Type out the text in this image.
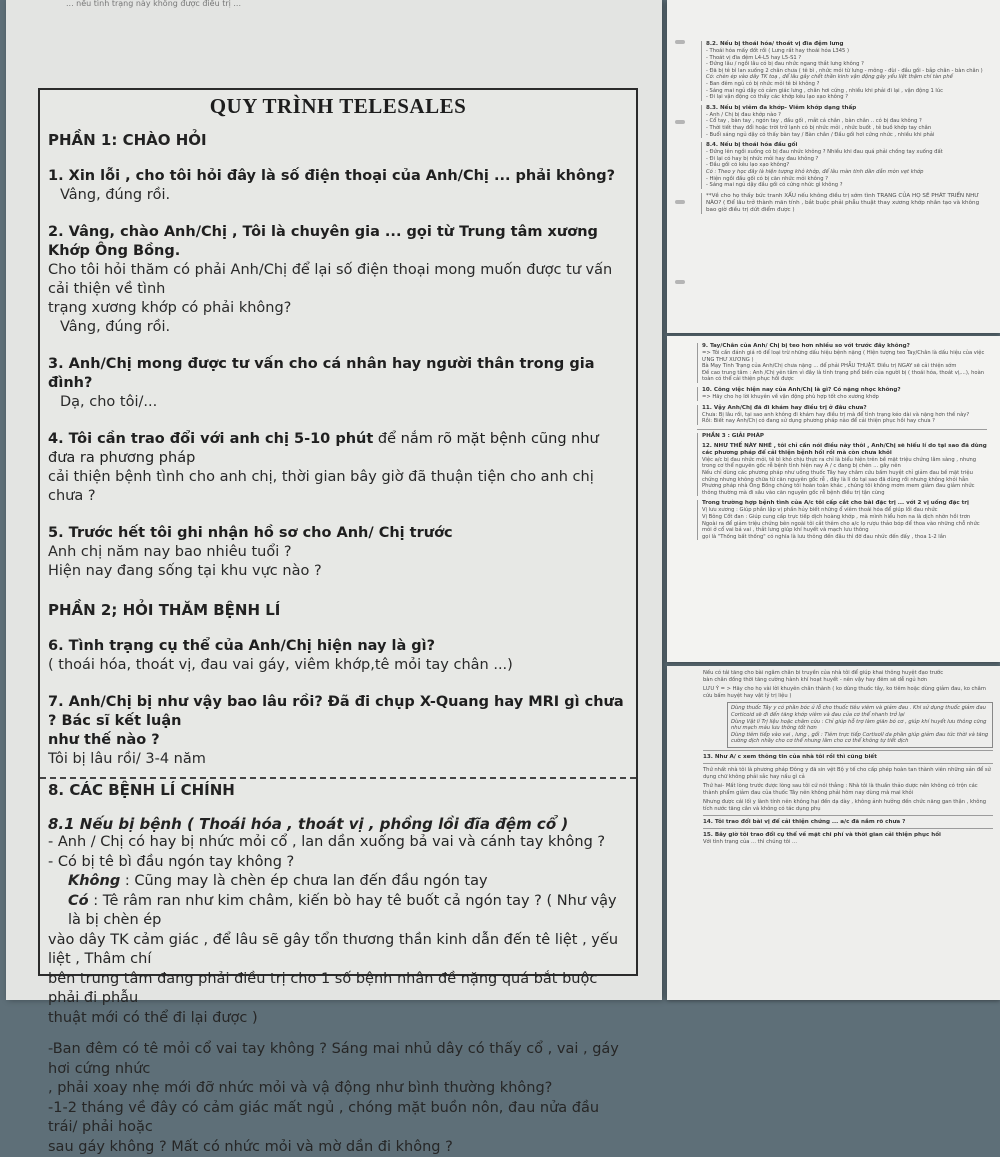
... nếu tình trạng này không được điều trị ...
QUY TRÌNH TELESALES
PHẦN 1: CHÀO HỎI
1. Xin lỗi , cho tôi hỏi đây là số điện thoại của Anh/Chị ... phải không?
Vâng, đúng rồi.
2. Vâng, chào Anh/Chị , Tôi là chuyên gia ... gọi từ Trung tâm xương Khớp Ông Bồng.
Cho tôi hỏi thăm có phải Anh/Chị để lại số điện thoại mong muốn được tư vấn cải thiện về tình
trạng xương khớp có phải không?
Vâng, đúng rồi.
3. Anh/Chị mong được tư vấn cho cá nhân hay người thân trong gia đình?
Dạ, cho tôi/...
4. Tôi cần trao đổi với anh chị 5-10 phút để nắm rõ mặt bệnh cũng như đưa ra phương pháp
cải thiện bệnh tình cho anh chị, thời gian bây giờ đã thuận tiện cho anh chị chưa ?
5. Trước hết tôi ghi nhận hồ sơ cho Anh/ Chị trước
Anh chị năm nay bao nhiêu tuổi ?
Hiện nay đang sống tại khu vực nào ?
PHẦN 2; HỎI THĂM BỆNH LÍ
6. Tình trạng cụ thể của Anh/Chị hiện nay là gì?
( thoái hóa, thoát vị, đau vai gáy, viêm khớp,tê mỏi tay chân ...)
7. Anh/Chị bị như vậy bao lâu rồi? Đã đi chụp X-Quang hay MRI gì chưa ? Bác sĩ kết luận
như thế nào ?
Tôi bị lâu rồi/ 3-4 năm
8. CÁC BỆNH LÍ CHÍNH
8.1 Nếu bị bệnh ( Thoái hóa , thoát vị , phồng lồi đĩa đệm cổ )
- Anh / Chị có hay bị nhức mỏi cổ , lan dần xuống bả vai và cánh tay không ?
- Có bị tê bì đầu ngón tay không ?
Không : Cũng may là chèn ép chưa lan đến đầu ngón tay
Có : Tê râm ran như kim châm, kiến bò hay tê buốt cả ngón tay ? ( Như vậy là bị chèn ép
vào dây TK cảm giác , để lâu sẽ gây tổn thương thần kinh dẫn đến tê liệt , yếu liệt , Thâm chí
bên trung tâm đang phải điều trị cho 1 số bệnh nhân đề nặng quá bắt buộc phải đi phẫu
thuật mới có thể đi lại được )
-Ban đêm có tê mỏi cổ vai tay không ? Sáng mai nhủ dây có thấy cổ , vai , gáy hơi cứng nhức
, phải xoay nhẹ mới đỡ nhức mỏi và vậ động như bình thường không?
-1-2 tháng về đây có cảm giác mất ngủ , chóng mặt buồn nôn, đau nửa đầu trái/ phải hoặc
sau gáy không ? Mất có nhức mỏi và mờ dần đi không ?
8.2. Nếu bị thoái hóa/ thoát vị đĩa đệm lưng
- Thoái hóa mấy đốt rồi ( Lưng rất hay thoái hóa L345 )
- Thoát vị đĩa đệm L4-L5 hay L5-S1 ?
- Đứng lâu / ngồi lâu có bị đau nhức ngang thắt lưng không ?
- Đã bị tê bì lan xuống 2 chân chưa ( tê bì , nhức mỏi từ lưng - mông - đùi - đầu gối - bắp chân - bàn chân )
Có: chèn ép vào dây TK toạ , để lâu gây chết thần kinh vận động gây yếu liệt thậm chí tàn phế
- Ban đêm ngủ có bị nhức mỏi tê bì không ?
- Sáng mai ngủ dậy có cảm giác lưng , chân hơi cứng , nhiều khi phải đi lại , vận động 1 lúc
- Đi lại vận động có thấy các khớp kêu lạo xạo không ?
8.3. Nếu bị viêm đa khớp- Viêm khớp dạng thấp
- Anh / Chị bị đau khớp nào ?
- Cổ tay , bàn tay , ngón tay , đầu gối , mắt cá chân , bàn chân .. có bị đau không ?
- Thời tiết thay đổi hoặc trời trở lạnh có bị nhức mỏi , nhức buốt , tê buồ khớp tay chân
- Buổi sáng ngủ dậy có thấy bàn tay / Bàn chân / Đầu gối hơi cứng nhức , nhiều khi phải
8.4. Nếu bị thoái hóa đầu gối
- Đứng lên ngồi xuống có bị đau nhức không ? Nhiều khi đau quá phải chống tay xuống đất
- Đi lại có hay bị nhức mỏi hay đau không ?
- Đầu gối có kêu lạo xạo không?
Có : Theo y học đây là hiện tượng khô khớp, để lâu màn tinh dần dẫn mòn vẹt khớp
- Hiện ngồi đầu gối có bị căn nhức mỏi không ?
- Sáng mai ngủ dậy đầu gối có cứng nhức gì không ?
**Về cho họ thấy bức tranh XẤU nếu không điều trị sớm tình TRẠNG CỦA HỌ SẼ PHÁT TRIỂN NHƯ NÀO? ( Để lâu trở thành mãn tính , bắt buộc phải phẫu thuật thay xương khớp nhân tạo và không bao giờ điều trị dứt điểm được )
9. Tay/Chân của Anh/ Chị bị teo hơn nhiều so với trước đây không?
=> Tôi cần đánh giá rõ để loại trừ những dấu hiệu bệnh nặng ( Hiện tượng teo Tay/Chân là dấu hiệu của việc ƯNG THƯ XƯƠNG )
Bà Mạy Tính Trạng của Anh/Chị chưa nặng ... để phải PHẪU THUẬT. Điều trị NGAY sẽ cải thiện sớm
Đề cao trung tâm : Anh /Chị yên tâm vì đây là tình trạng phổ biến của người bị ( thoái hóa, thoát vị,...), hoàn toàn có thể cải thiện phục hồi được
10. Công việc hiện nay của Anh/Chị là gì? Có nặng nhọc không?
=> Hãy cho họ lời khuyên về vận động phù hợp tốt cho xương khớp
11. Vậy Anh/Chị đã đi khám hay điều trị ở đâu chưa?
Chưa: Bị lâu rồi, tại sao anh không đi khám hay điều trị mà để tình trạng kéo dài và nặng hơn thế này?
Rồi: Biết nay Anh/Chị có đang sử dụng phương pháp nào để cải thiện phục hồi hay chưa ?
PHẦN 3 : GIẢI PHÁP
12. NHƯ THẾ NÀY NHÉ , tôi chỉ cần nói điều này thôi , Anh/Chị sẽ hiểu lí do tại sao đã dùng các phương pháp để cải thiện bệnh hồi rồi mà còn chưa khỏi
Việc a/c bị đau nhức mỏi, tê bì khó chịu thực ra chỉ là biểu hiện trên bề mặt triệu chứng lâm sàng , nhưng trong cơ thể nguyên gốc rễ bệnh tình hiện nay A / c đang bị chèn ... gây nên
Nếu chỉ dùng các phương pháp như uống thuốc Tây hay châm cứu bấm huyệt chỉ giảm đau bề mặt triệu chứng nhưng không chữa từ căn nguyên gốc rễ , đây là lí do tại sao đã dùng rồi nhưng không khỏi hẳn
Phương pháp nhà Ông Bồng chúng tôi hoàn toàn khác , chúng tôi không mơm mem giảm đau giảm nhức thông thường mà đi sâu vào căn nguyên gốc rễ bệnh điều trị tận cùng
Trong trường hợp bệnh tình của A/c tôi cấp cắt cho bài đặc trị ... với 2 vị uống đặc trị
Vị lưu xương : Giúp phần lập vị phần hủy biết những ổ viêm thoái hóa để giúp lối đau nhức
Vị Bông Cốt đan : Giúp cung cấp trực tiếp dịch hoàng khớp , mà mình hiểu hơn na là dịch nhờn hồi trơn
Ngoài ra để giảm triệu chứng bên ngoài tôi cắt thêm cho a/c lọ rượu thảo bóp để thoa vào những chỗ nhức mỏi ở cổ vai bả vai , thắt lưng giúp khí huyết và mạch lưu thông
gọi là "Thống bất thống" có nghĩa là lưu thông đến đâu thì đỡ đau nhức đến đấy , thoa 1-2 lần
Nếu có tái tăng cho bài ngâm chân bi truyền của nhà tôi để giúp khai thông huyệt đạo trước
bàn chân đồng thời tăng cường hành khí hoạt huyết - nên vậy hay đêm sẽ dễ ngủ hơn
LƯU Ý = > Hãy cho họ vài lời khuyên chân thành ( ko dùng thuốc tây, ko tiêm hoặc dùng giảm đau, ko châm cứu bấm huyệt hay vật lý trị liệu )
Dùng thuốc Tây y có phần bóc ủ lỗ cho thuốc tiêu viêm và giảm đau . Khi sử dụng thuốc giảm đau Corticoid sẽ đi đến tăng khớp viêm và đau của cơ thể nhanh trở lại
Dùng Vật lí Trị liệu hoặc châm cứu : Chỉ giúp hỗ trợ làm giãn bó cơ , giúp khí huyết lưu thông cũng như mạch máu lưu thông tốt hơn
Dùng tiêm tiếp vào vai , lưng , gối : Tiêm trực tiếp Cortisoll da phần giúp giảm đau tức thời và tăng cường dịch nhầy cho cơ thể nhưng lâm cho cơ thể không tự tiết dịch
13. Như A/ c xem thông tin của nhà tôi rồi thì cũng biết
Thứ nhất nhà tôi là phương pháp Đông y đã sin vệt Bộ y tế cho cấp phép hoàn tan thành viên những sản để sử dụng chữ không phải sắc hay nấu gì cả
Thứ hai- Mất lòng trước được lòng sau tôi cứ nói thẳng : Nhà tôi là thuần thảo dược nên không có trộn các thành phẩm giảm đau của thuốc Tây nên không phải hôm nay dùng mà mai khỏi
Nhưng được cái lối y lành tính nên không hại đến dạ dày , không ảnh hưởng đến chức năng gan thận , không tích nước tăng cân và không có tác dụng phụ
14. Tôi trao đổi bài vị để cải thiện chứng ... a/c đã nắm rõ chưa ?
15. Bây giờ tôi trao đổi cụ thể về mặt chi phí và thời gian cải thiện phục hồi
Với tình trạng của ... thì chúng tôi ...
